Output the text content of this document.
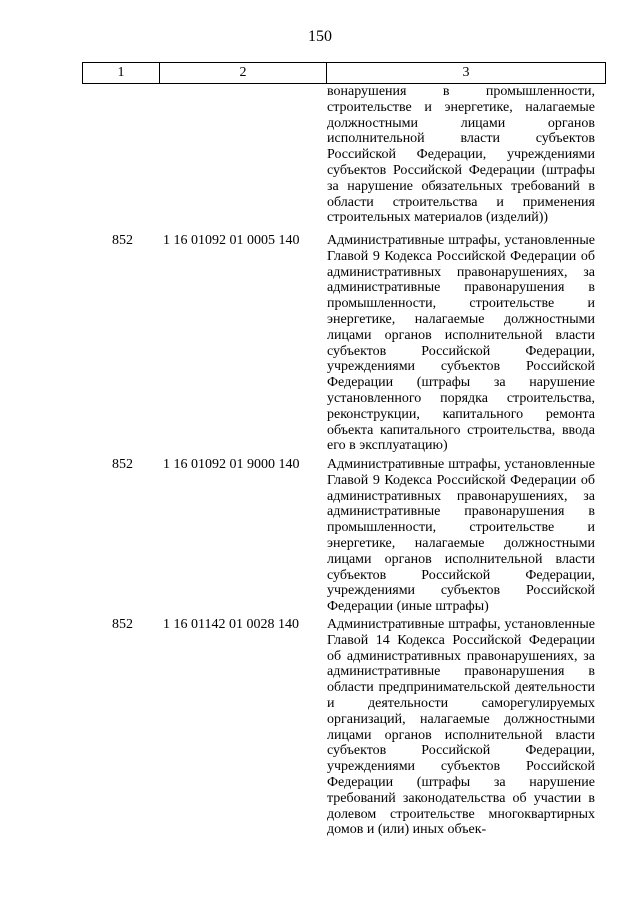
150
1	2	3
вонарушения в промышленности, строительстве и энергетике, налагаемые должностными лицами органов исполнительной власти субъектов Российской Федерации, учреждениями субъектов Российской Федерации (штрафы за нарушение обязательных требований в области строительства и применения строительных материалов (изделий))
852 1 16 01092 01 0005 140 Административные штрафы, установленные Главой 9 Кодекса Российской Федерации об административных правонарушениях, за административные правонарушения в промышленности, строительстве и энергетике, налагаемые должностными лицами органов исполнительной власти субъектов Российской Федерации, учреждениями субъектов Российской Федерации (штрафы за нарушение установленного порядка строительства, реконструкции, капитального ремонта объекта капитального строительства, ввода его в эксплуатацию)
852 1 16 01092 01 9000 140 Административные штрафы, установленные Главой 9 Кодекса Российской Федерации об административных правонарушениях, за административные правонарушения в промышленности, строительстве и энергетике, налагаемые должностными лицами органов исполнительной власти субъектов Российской Федерации, учреждениями субъектов Российской Федерации (иные штрафы)
852 1 16 01142 01 0028 140 Административные штрафы, установленные Главой 14 Кодекса Российской Федерации об административных правонарушениях, за административные правонарушения в области предпринимательской деятельности и деятельности саморегулируемых организаций, налагаемые должностными лицами органов исполнительной власти субъектов Российской Федерации, учреждениями субъектов Российской Федерации (штрафы за нарушение требований законодательства об участии в долевом строительстве многоквартирных домов и (или) иных объек-
